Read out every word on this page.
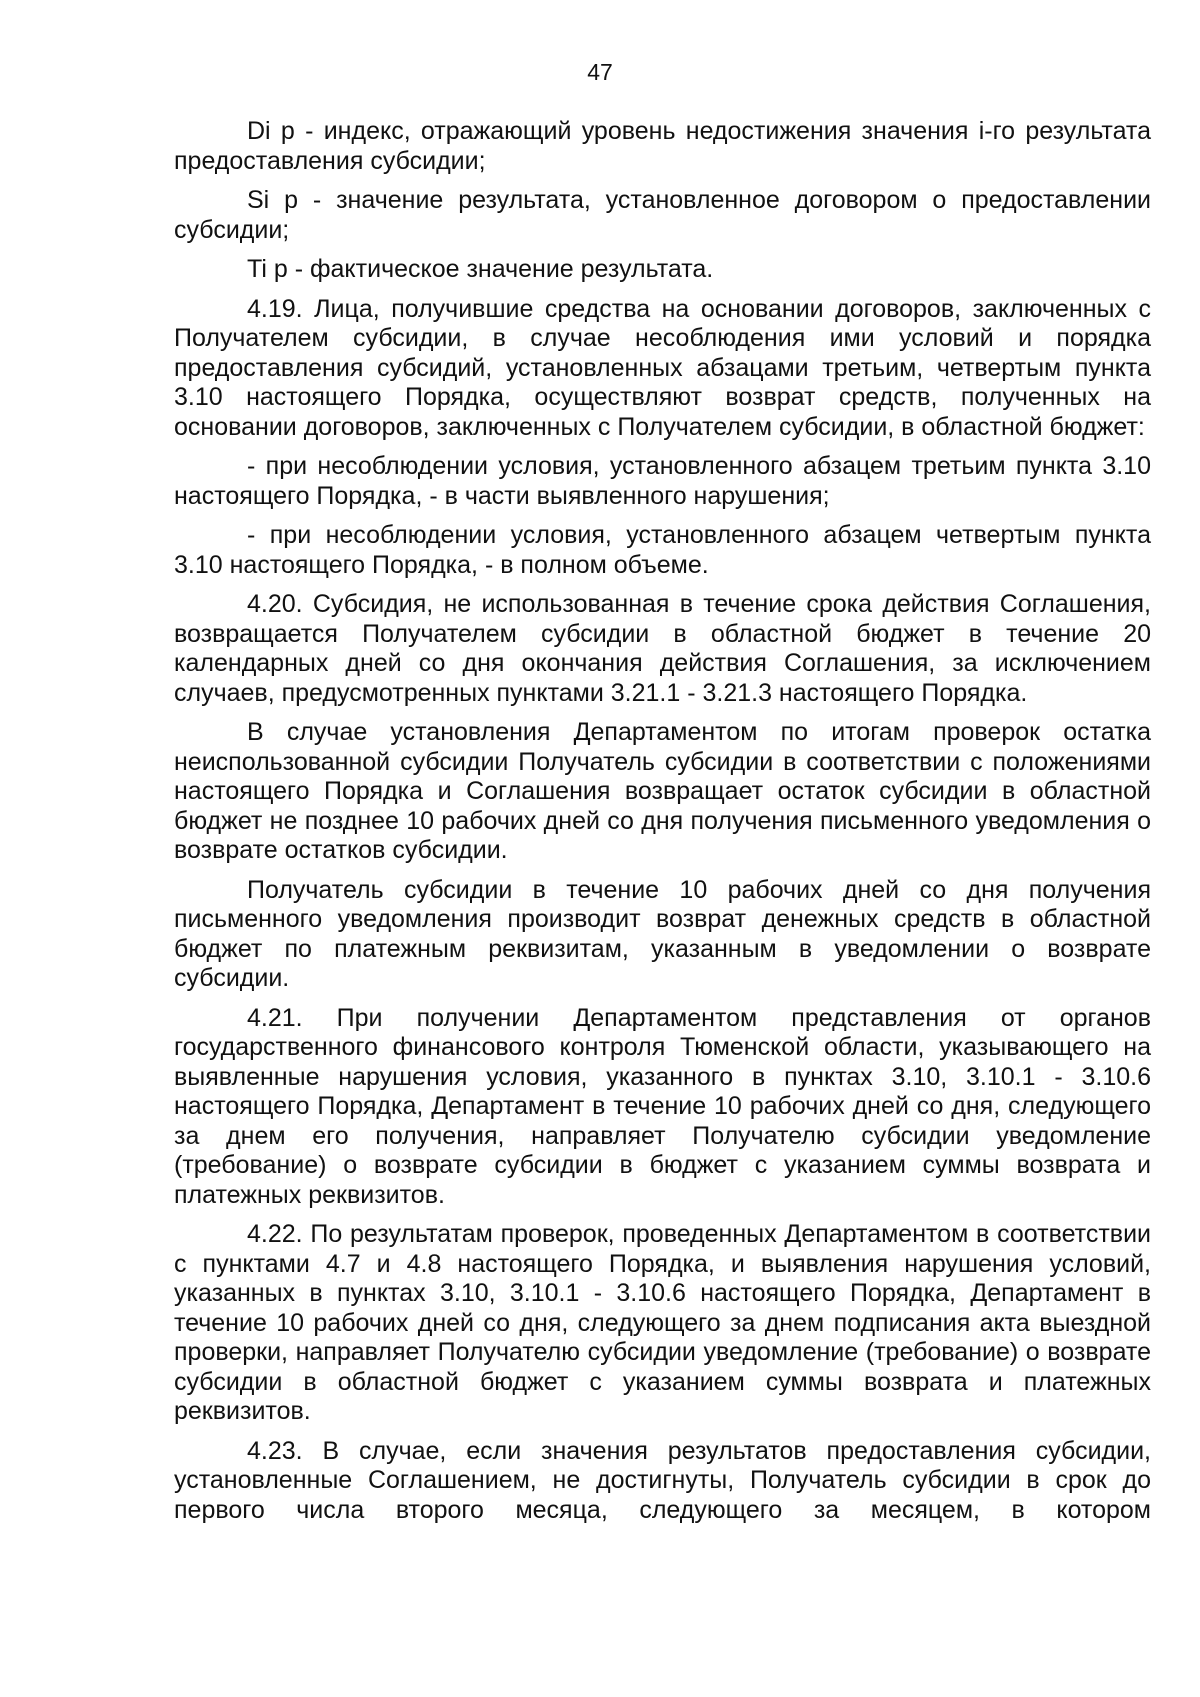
47

Di р - индекс, отражающий уровень недостижения значения i-го результата предоставления субсидии;

Si р - значение результата, установленное договором о предоставлении субсидии;

Ti р - фактическое значение результата.

4.19. Лица, получившие средства на основании договоров, заключенных с Получателем субсидии, в случае несоблюдения ими условий и порядка предоставления субсидий, установленных абзацами третьим, четвертым пункта 3.10 настоящего Порядка, осуществляют возврат средств, полученных на основании договоров, заключенных с Получателем субсидии, в областной бюджет:

- при несоблюдении условия, установленного абзацем третьим пункта 3.10 настоящего Порядка, - в части выявленного нарушения;

- при несоблюдении условия, установленного абзацем четвертым пункта 3.10 настоящего Порядка, - в полном объеме.

4.20. Субсидия, не использованная в течение срока действия Соглашения, возвращается Получателем субсидии в областной бюджет в течение 20 календарных дней со дня окончания действия Соглашения, за исключением случаев, предусмотренных пунктами 3.21.1 - 3.21.3 настоящего Порядка.

В случае установления Департаментом по итогам проверок остатка неиспользованной субсидии Получатель субсидии в соответствии с положениями настоящего Порядка и Соглашения возвращает остаток субсидии в областной бюджет не позднее 10 рабочих дней со дня получения письменного уведомления о возврате остатков субсидии.

Получатель субсидии в течение 10 рабочих дней со дня получения письменного уведомления производит возврат денежных средств в областной бюджет по платежным реквизитам, указанным в уведомлении о возврате субсидии.

4.21. При получении Департаментом представления от органов государственного финансового контроля Тюменской области, указывающего на выявленные нарушения условия, указанного в пунктах 3.10, 3.10.1 - 3.10.6 настоящего Порядка, Департамент в течение 10 рабочих дней со дня, следующего за днем его получения, направляет Получателю субсидии уведомление (требование) о возврате субсидии в бюджет с указанием суммы возврата и платежных реквизитов.

4.22. По результатам проверок, проведенных Департаментом в соответствии с пунктами 4.7 и 4.8 настоящего Порядка, и выявления нарушения условий, указанных в пунктах 3.10, 3.10.1 - 3.10.6 настоящего Порядка, Департамент в течение 10 рабочих дней со дня, следующего за днем подписания акта выездной проверки, направляет Получателю субсидии уведомление (требование) о возврате субсидии в областной бюджет с указанием суммы возврата и платежных реквизитов.

4.23. В случае, если значения результатов предоставления субсидии, установленные Соглашением, не достигнуты, Получатель субсидии в срок до первого числа второго месяца, следующего за месяцем, в котором
